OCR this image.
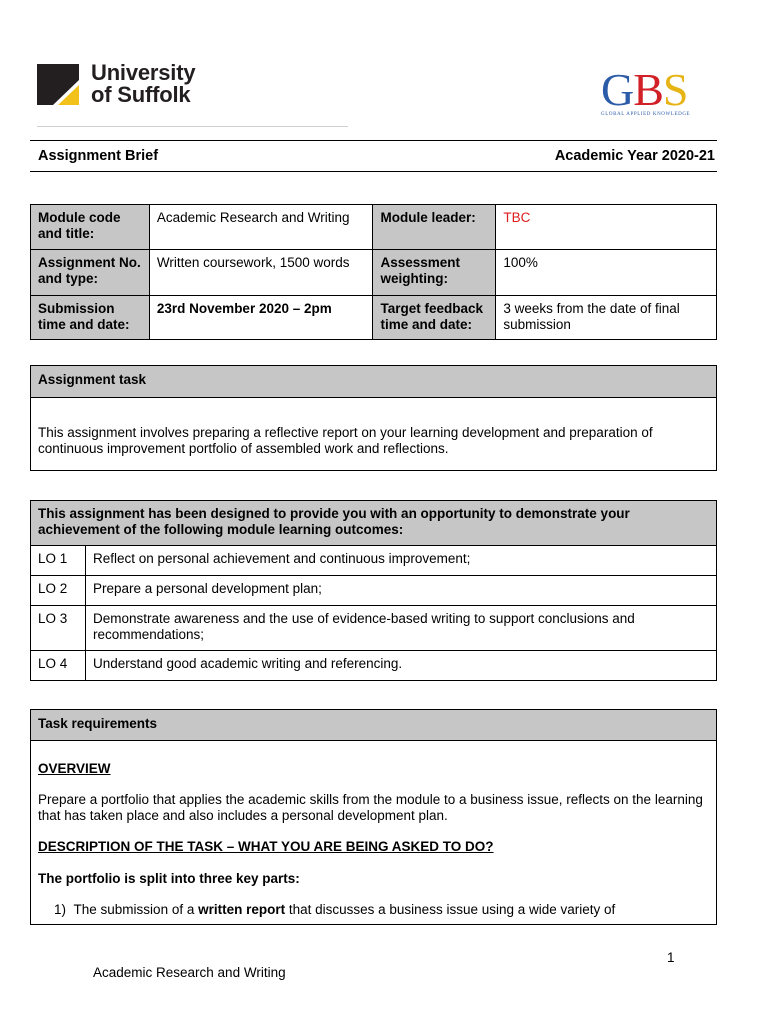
University
of Suffolk	GBS
GLOBAL APPLIED KNOWLEDGE
Assignment Brief	Academic Year 2020-21
Module code and title:	Academic Research and Writing	Module leader:	TBC
Assignment No. and type:	Written coursework, 1500 words	Assessment weighting:	100%
Submission time and date:	23rd November 2020 – 2pm	Target feedback time and date:	3 weeks from the date of final submission
Assignment task
This assignment involves preparing a reflective report on your learning development and preparation of continuous improvement portfolio of assembled work and reflections.
This assignment has been designed to provide you with an opportunity to demonstrate your achievement of the following module learning outcomes:	
LO 1	Reflect on personal achievement and continuous improvement;
LO 2	Prepare a personal development plan;
LO 3	Demonstrate awareness and the use of evidence-based writing to support conclusions and recommendations;
LO 4	Understand good academic writing and referencing.
Task requirements

OVERVIEW

Prepare a portfolio that applies the academic skills from the module to a business issue, reflects on the learning that has taken place and also includes a personal development plan.

DESCRIPTION OF THE TASK – WHAT YOU ARE BEING ASKED TO DO?

The portfolio is split into three key parts:

1) The submission of a written report that discusses a business issue using a wide variety of

1
Academic Research and Writing
